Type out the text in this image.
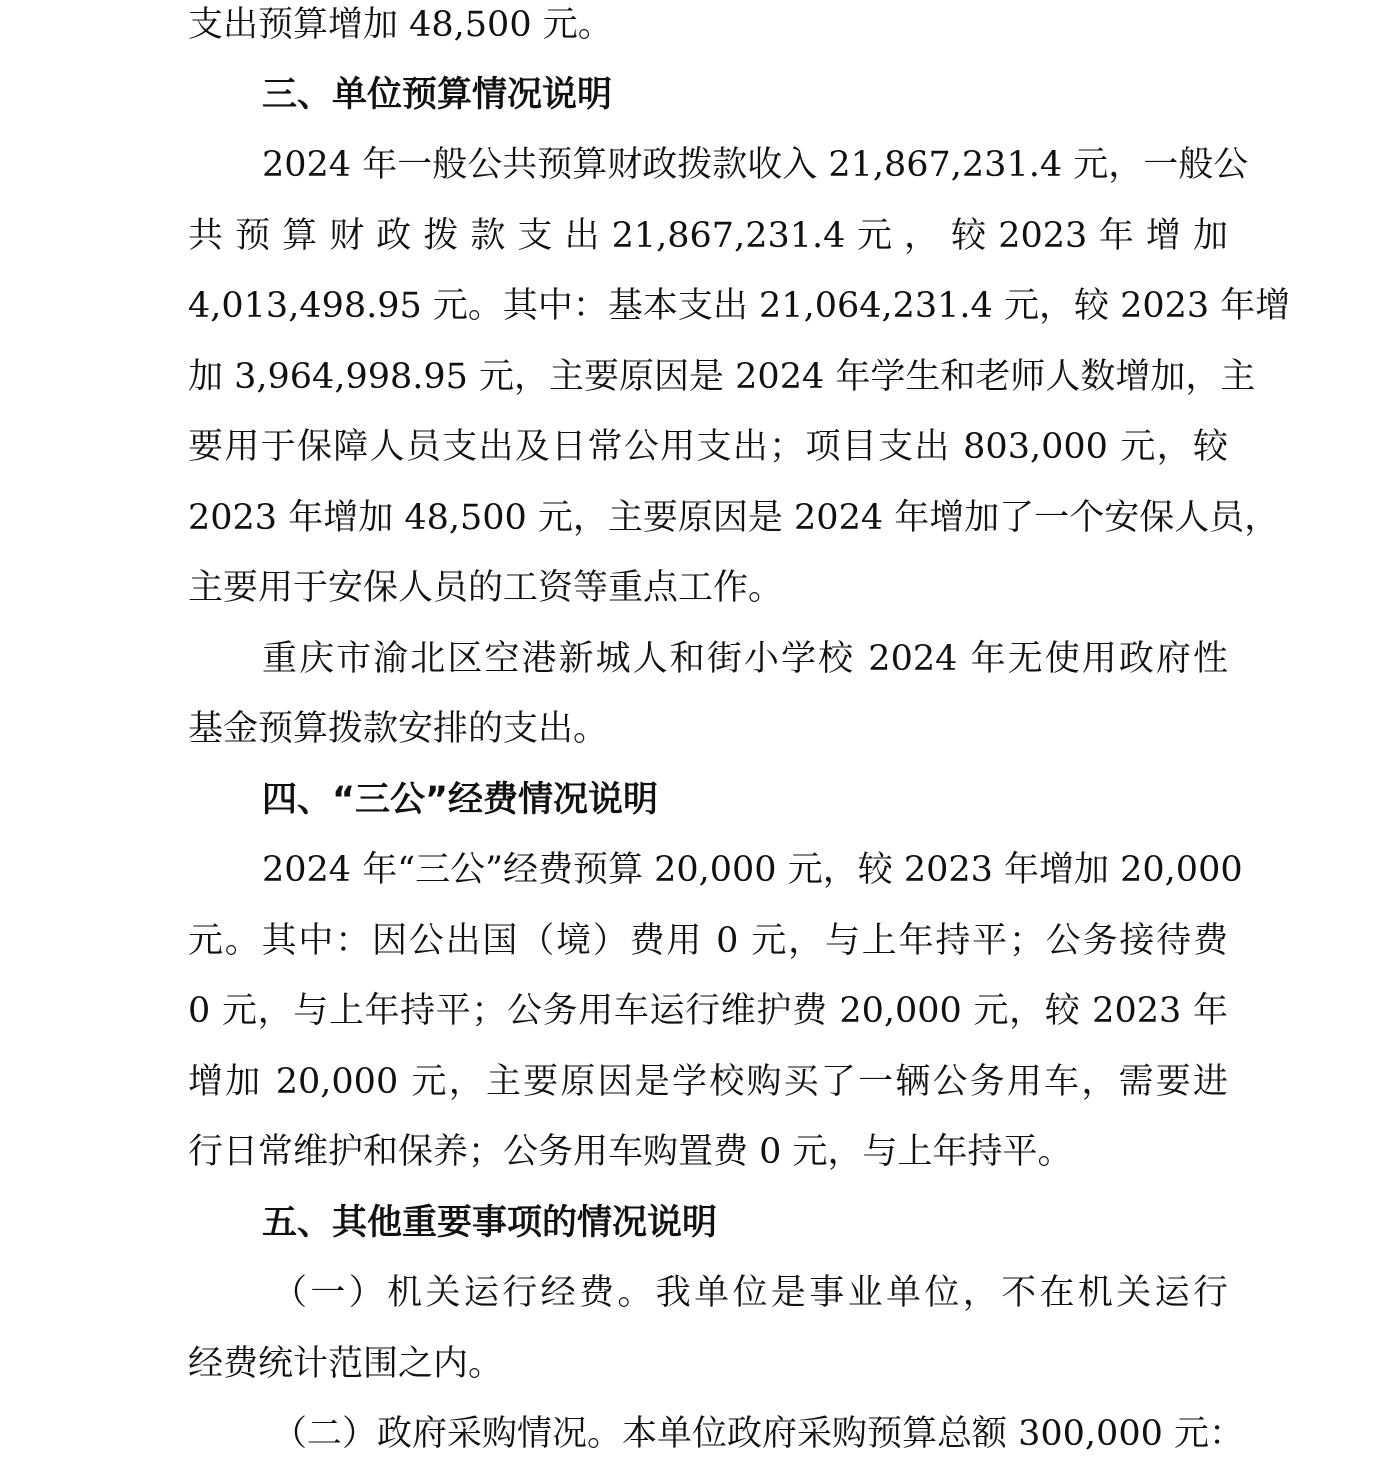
支出预算增加 48,500 元。
三、单位预算情况说明
2024 年一般公共预算财政拨款收入 21,867,231.4 元，一般公
共 预 算 财 政 拨 款 支 出 21,867,231.4 元 ， 较 2023 年 增 加
4,013,498.95 元。其中：基本支出 21,064,231.4 元，较 2023 年增
加 3,964,998.95 元，主要原因是 2024 年学生和老师人数增加，主
要用于保障人员支出及日常公用支出；项目支出 803,000 元，较
2023 年增加 48,500 元，主要原因是 2024 年增加了一个安保人员，
主要用于安保人员的工资等重点工作。
重庆市渝北区空港新城人和街小学校 2024 年无使用政府性
基金预算拨款安排的支出。
四、“三公”经费情况说明
2024 年“三公”经费预算 20,000 元，较 2023 年增加 20,000
元。其中：因公出国（境）费用 0 元，与上年持平；公务接待费
0 元，与上年持平；公务用车运行维护费 20,000 元，较 2023 年
增加 20,000 元，主要原因是学校购买了一辆公务用车，需要进
行日常维护和保养；公务用车购置费 0 元，与上年持平。
五、其他重要事项的情况说明
（一）机关运行经费。我单位是事业单位，不在机关运行
经费统计范围之内。
（二）政府采购情况。本单位政府采购预算总额 300,000 元：
